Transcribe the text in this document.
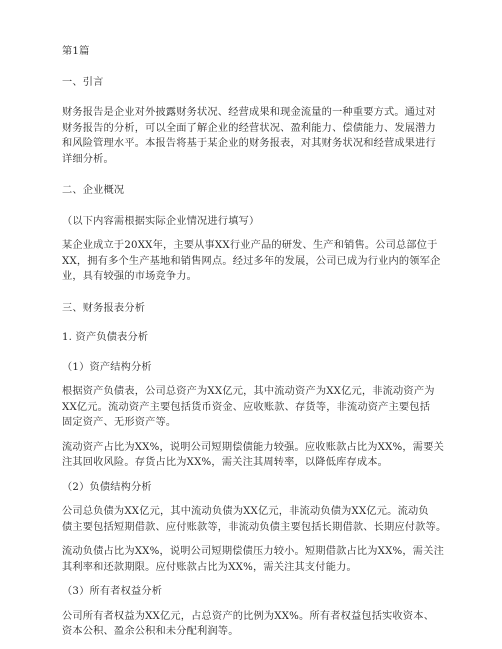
第1篇

一、引言

财务报告是企业对外披露财务状况、经营成果和现金流量的一种重要方式。通过对
财务报告的分析，可以全面了解企业的经营状况、盈利能力、偿债能力、发展潜力
和风险管理水平。本报告将基于某企业的财务报表，对其财务状况和经营成果进行
详细分析。

二、企业概况

（以下内容需根据实际企业情况进行填写）

某企业成立于20XX年，主要从事XX行业产品的研发、生产和销售。公司总部位于
XX，拥有多个生产基地和销售网点。经过多年的发展，公司已成为行业内的领军企
业，具有较强的市场竞争力。

三、财务报表分析

1. 资产负债表分析

（1）资产结构分析

根据资产负债表，公司总资产为XX亿元，其中流动资产为XX亿元，非流动资产为
XX亿元。流动资产主要包括货币资金、应收账款、存货等，非流动资产主要包括
固定资产、无形资产等。

流动资产占比为XX%，说明公司短期偿债能力较强。应收账款占比为XX%，需要关
注其回收风险。存货占比为XX%，需关注其周转率，以降低库存成本。

（2）负债结构分析

公司总负债为XX亿元，其中流动负债为XX亿元，非流动负债为XX亿元。流动负
债主要包括短期借款、应付账款等，非流动负债主要包括长期借款、长期应付款等。

流动负债占比为XX%，说明公司短期偿债压力较小。短期借款占比为XX%，需关注
其利率和还款期限。应付账款占比为XX%，需关注其支付能力。

（3）所有者权益分析

公司所有者权益为XX亿元，占总资产的比例为XX%。所有者权益包括实收资本、
资本公积、盈余公积和未分配利润等。
